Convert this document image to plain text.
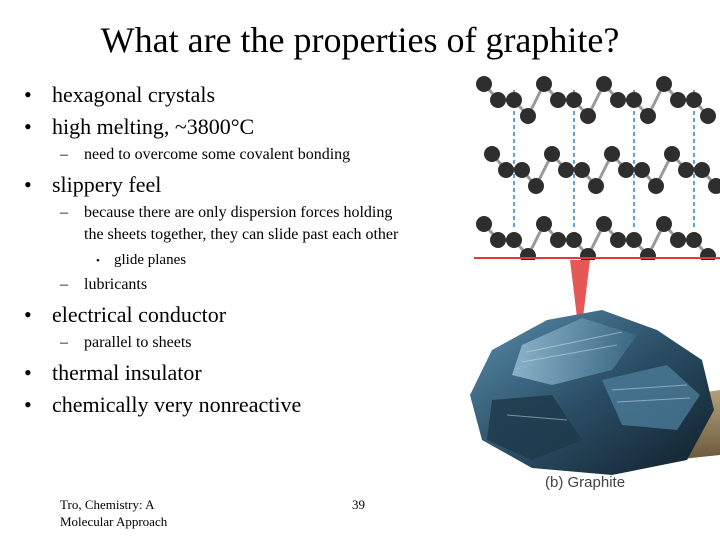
What are the properties of graphite?
• hexagonal crystals
• high melting, ~3800°C
– need to overcome some covalent bonding
• slippery feel
– because there are only dispersion forces holding
the sheets together, they can slide past each other
• glide planes
– lubricants
• electrical conductor
– parallel to sheets
• thermal insulator
• chemically very nonreactive
(b) Graphite
Tro, Chemistry: A
Molecular Approach
39
